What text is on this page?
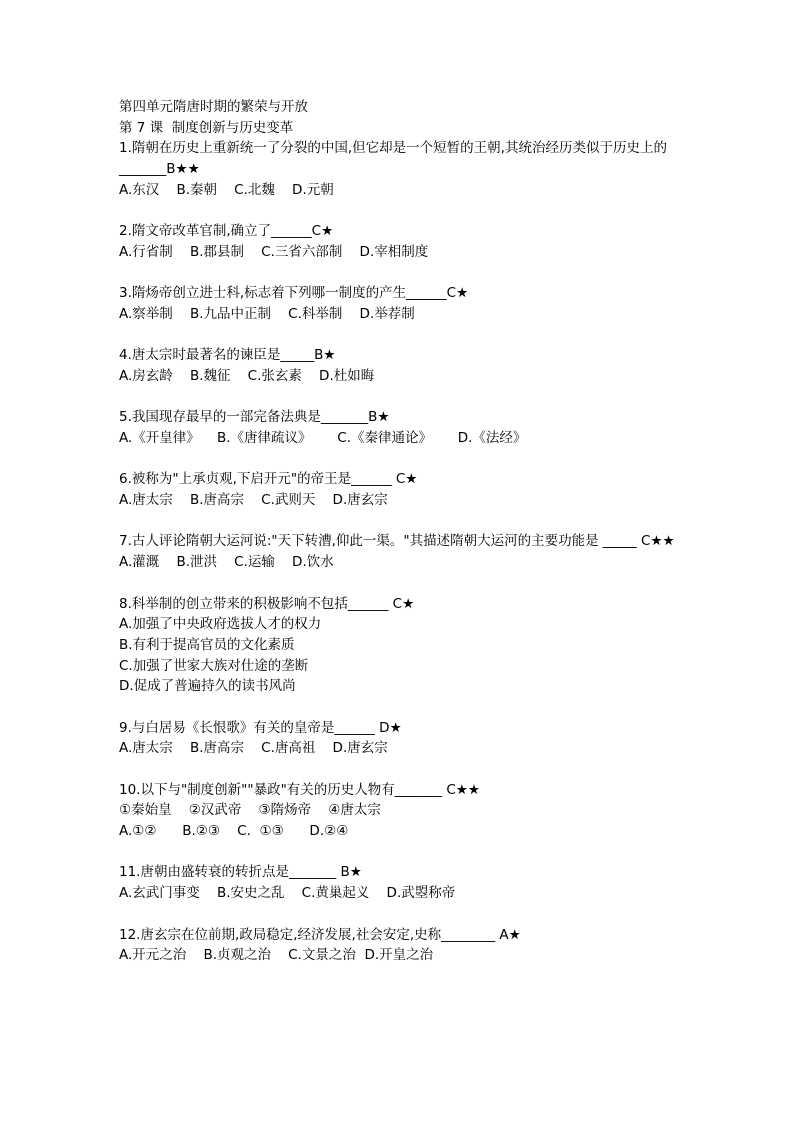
第四单元隋唐时期的繁荣与开放
第 7 课  制度创新与历史变革
1.隋朝在历史上重新统一了分裂的中国,但它却是一个短暂的王朝,其统治经历类似于历史上的_______B★★
A.东汉    B.秦朝    C.北魏    D.元朝
2.隋文帝改革官制,确立了______C★
A.行省制    B.郡县制    C.三省六部制    D.宰相制度
3.隋炀帝创立进士科,标志着下列哪一制度的产生______C★
A.察举制    B.九品中正制    C.科举制    D.举荐制
4.唐太宗时最著名的谏臣是_____B★
A.房玄龄    B.魏征    C.张玄素    D.杜如晦
5.我国现存最早的一部完备法典是_______B★
A.《开皇律》    B.《唐律疏议》      C.《秦律通论》      D.《法经》
6.被称为"上承贞观,下启开元"的帝王是______ C★
A.唐太宗    B.唐高宗    C.武则天    D.唐玄宗
7.古人评论隋朝大运河说:"天下转漕,仰此一渠。"其描述隋朝大运河的主要功能是 _____ C★★
A.灌溉    B.泄洪    C.运输    D.饮水
8.科举制的创立带来的积极影响不包括______ C★
A.加强了中央政府选拔人才的权力
B.有利于提高官员的文化素质
C.加强了世家大族对仕途的垄断
D.促成了普遍持久的读书风尚
9.与白居易《长恨歌》有关的皇帝是______ D★
A.唐太宗    B.唐高宗    C.唐高祖    D.唐玄宗
10.以下与"制度创新""暴政"有关的历史人物有_______ C★★
①秦始皇    ②汉武帝    ③隋炀帝    ④唐太宗
A.①②      B.②③    C.  ①③      D.②④
11.唐朝由盛转衰的转折点是_______ B★
A.玄武门事变    B.安史之乱    C.黄巢起义    D.武曌称帝
12.唐玄宗在位前期,政局稳定,经济发展,社会安定,史称________ A★
A.开元之治    B.贞观之治    C.文景之治  D.开皇之治
